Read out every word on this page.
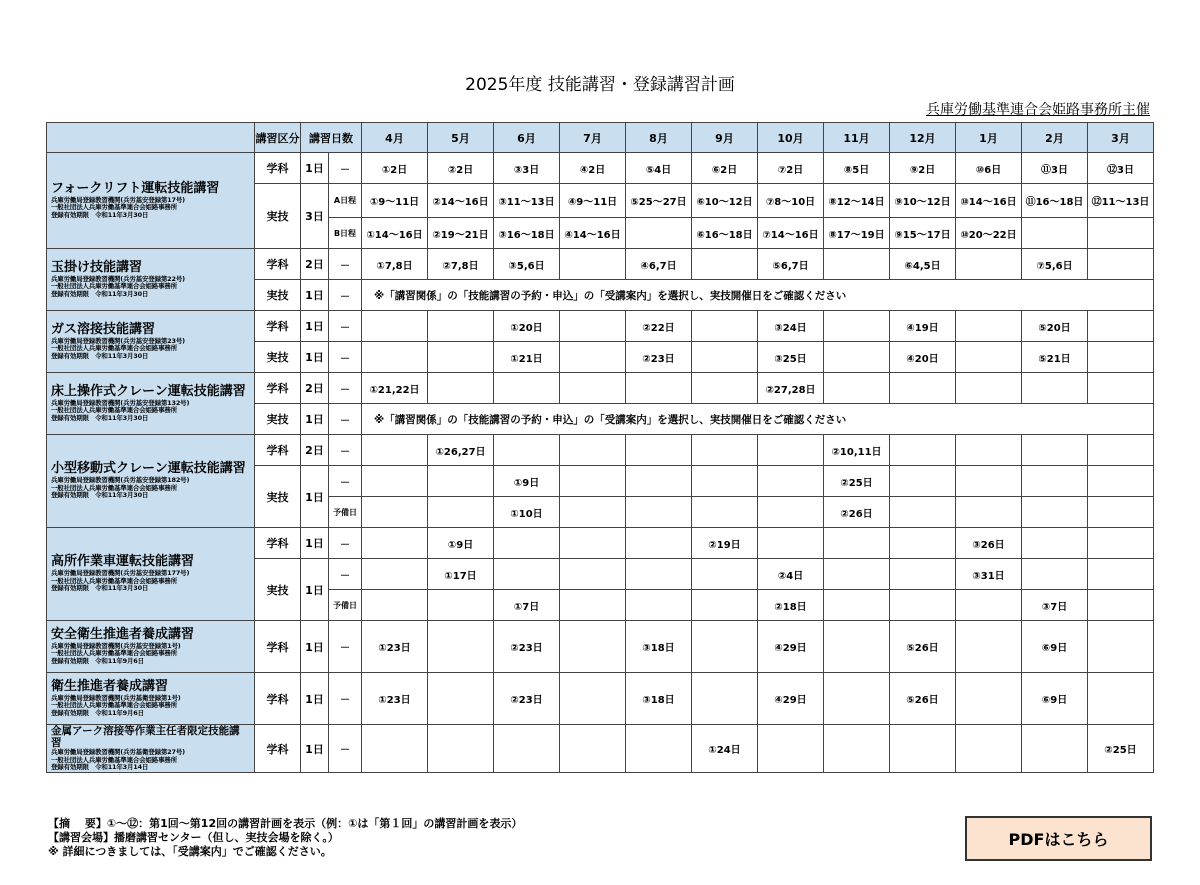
2025年度 技能講習・登録講習計画
兵庫労働基準連合会姫路事務所主催
	講習区分	講習日数		4月	5月	6月	7月	8月	9月	10月	11月	12月	1月	2月	3月

フォークリフト運転技能講習
兵庫労働局登録教習機関(兵労基安登録第17号)
一般社団法人兵庫労働基準連合会姫路事務所
登録有効期限　令和11年3月30日	学科	1日	－	①2日	②2日	③3日	④2日	⑤4日	⑥2日	⑦2日	⑧5日	⑨2日	⑩6日	⑪3日	⑫3日
	実技	3日	A日程	①9～11日	②14～16日	③11～13日	④9～11日	⑤25～27日	⑥10～12日	⑦8～10日	⑧12～14日	⑨10～12日	⑩14～16日	⑪16～18日	⑫11～13日
			B日程	①14～16日	②19～21日	③16～18日	④14～16日		⑥16～18日	⑦14～16日	⑧17～19日	⑨15～17日	⑩20～22日		

玉掛け技能講習
兵庫労働局登録教習機関(兵労基安登録第22号)
一般社団法人兵庫労働基準連合会姫路事務所
登録有効期限　令和11年3月30日	学科	2日	－	①7,8日	②7,8日	③5,6日		④6,7日		⑤6,7日		⑥4,5日		⑦5,6日	
	実技	1日	－	※「講習関係」の「技能講習の予約・申込」の「受講案内」を選択し、実技開催日をご確認ください											

ガス溶接技能講習
兵庫労働局登録教習機関(兵労基安登録第23号)
一般社団法人兵庫労働基準連合会姫路事務所
登録有効期限　令和11年3月30日	学科	1日	－			①20日		②22日		③24日		④19日		⑤20日	
	実技	1日	－			①21日		②23日		③25日		④20日		⑤21日	

床上操作式クレーン運転技能講習
兵庫労働局登録教習機関(兵労基安登録第132号)
一般社団法人兵庫労働基準連合会姫路事務所
登録有効期限　令和11年3月30日	学科	2日	－	①21,22日						②27,28日					
	実技	1日	－	※「講習関係」の「技能講習の予約・申込」の「受講案内」を選択し、実技開催日をご確認ください											

小型移動式クレーン運転技能講習
兵庫労働局登録教習機関(兵労基安登録第182号)
一般社団法人兵庫労働基準連合会姫路事務所
登録有効期限　令和11年3月30日	学科	2日	－		①26,27日						②10,11日				
	実技	1日	－			①9日					②25日				
			予備日			①10日					②26日				

高所作業車運転技能講習
兵庫労働局登録教習機関(兵労基安登録第177号)
一般社団法人兵庫労働基準連合会姫路事務所
登録有効期限　令和11年3月30日	学科	1日	－		①9日				②19日				③26日		
	実技	1日	－		①17日					②4日			③31日		
			予備日			①7日				②18日				③7日	

安全衛生推進者養成講習
兵庫労働局登録教習機関(兵労基安登録第1号)
一般社団法人兵庫労働基準連合会姫路事務所
登録有効期限　令和11年9月6日	学科	1日	－	①23日		②23日		③18日		④29日		⑤26日		⑥9日	

衛生推進者養成講習
兵庫労働局登録教習機関(兵労基衛登録第1号)
一般社団法人兵庫労働基準連合会姫路事務所
登録有効期限　令和11年9月6日	学科	1日	－	①23日		②23日		③18日		④29日		⑤26日		⑥9日	

金属アーク溶接等作業主任者限定技能講習
兵庫労働局登録教習機関(兵労基衛登録第27号)
一般社団法人兵庫労働基準連合会姫路事務所
登録有効期限　令和11年3月14日	学科	1日	－						①24日						②25日
【摘　 要】①～⑫：第1回～第12回の講習計画を表示（例：①は「第１回」の講習計画を表示）
【講習会場】播磨講習センター（但し、実技会場を除く。）
※ 詳細につきましては、「受講案内」でご確認ください。
PDFはこちら
